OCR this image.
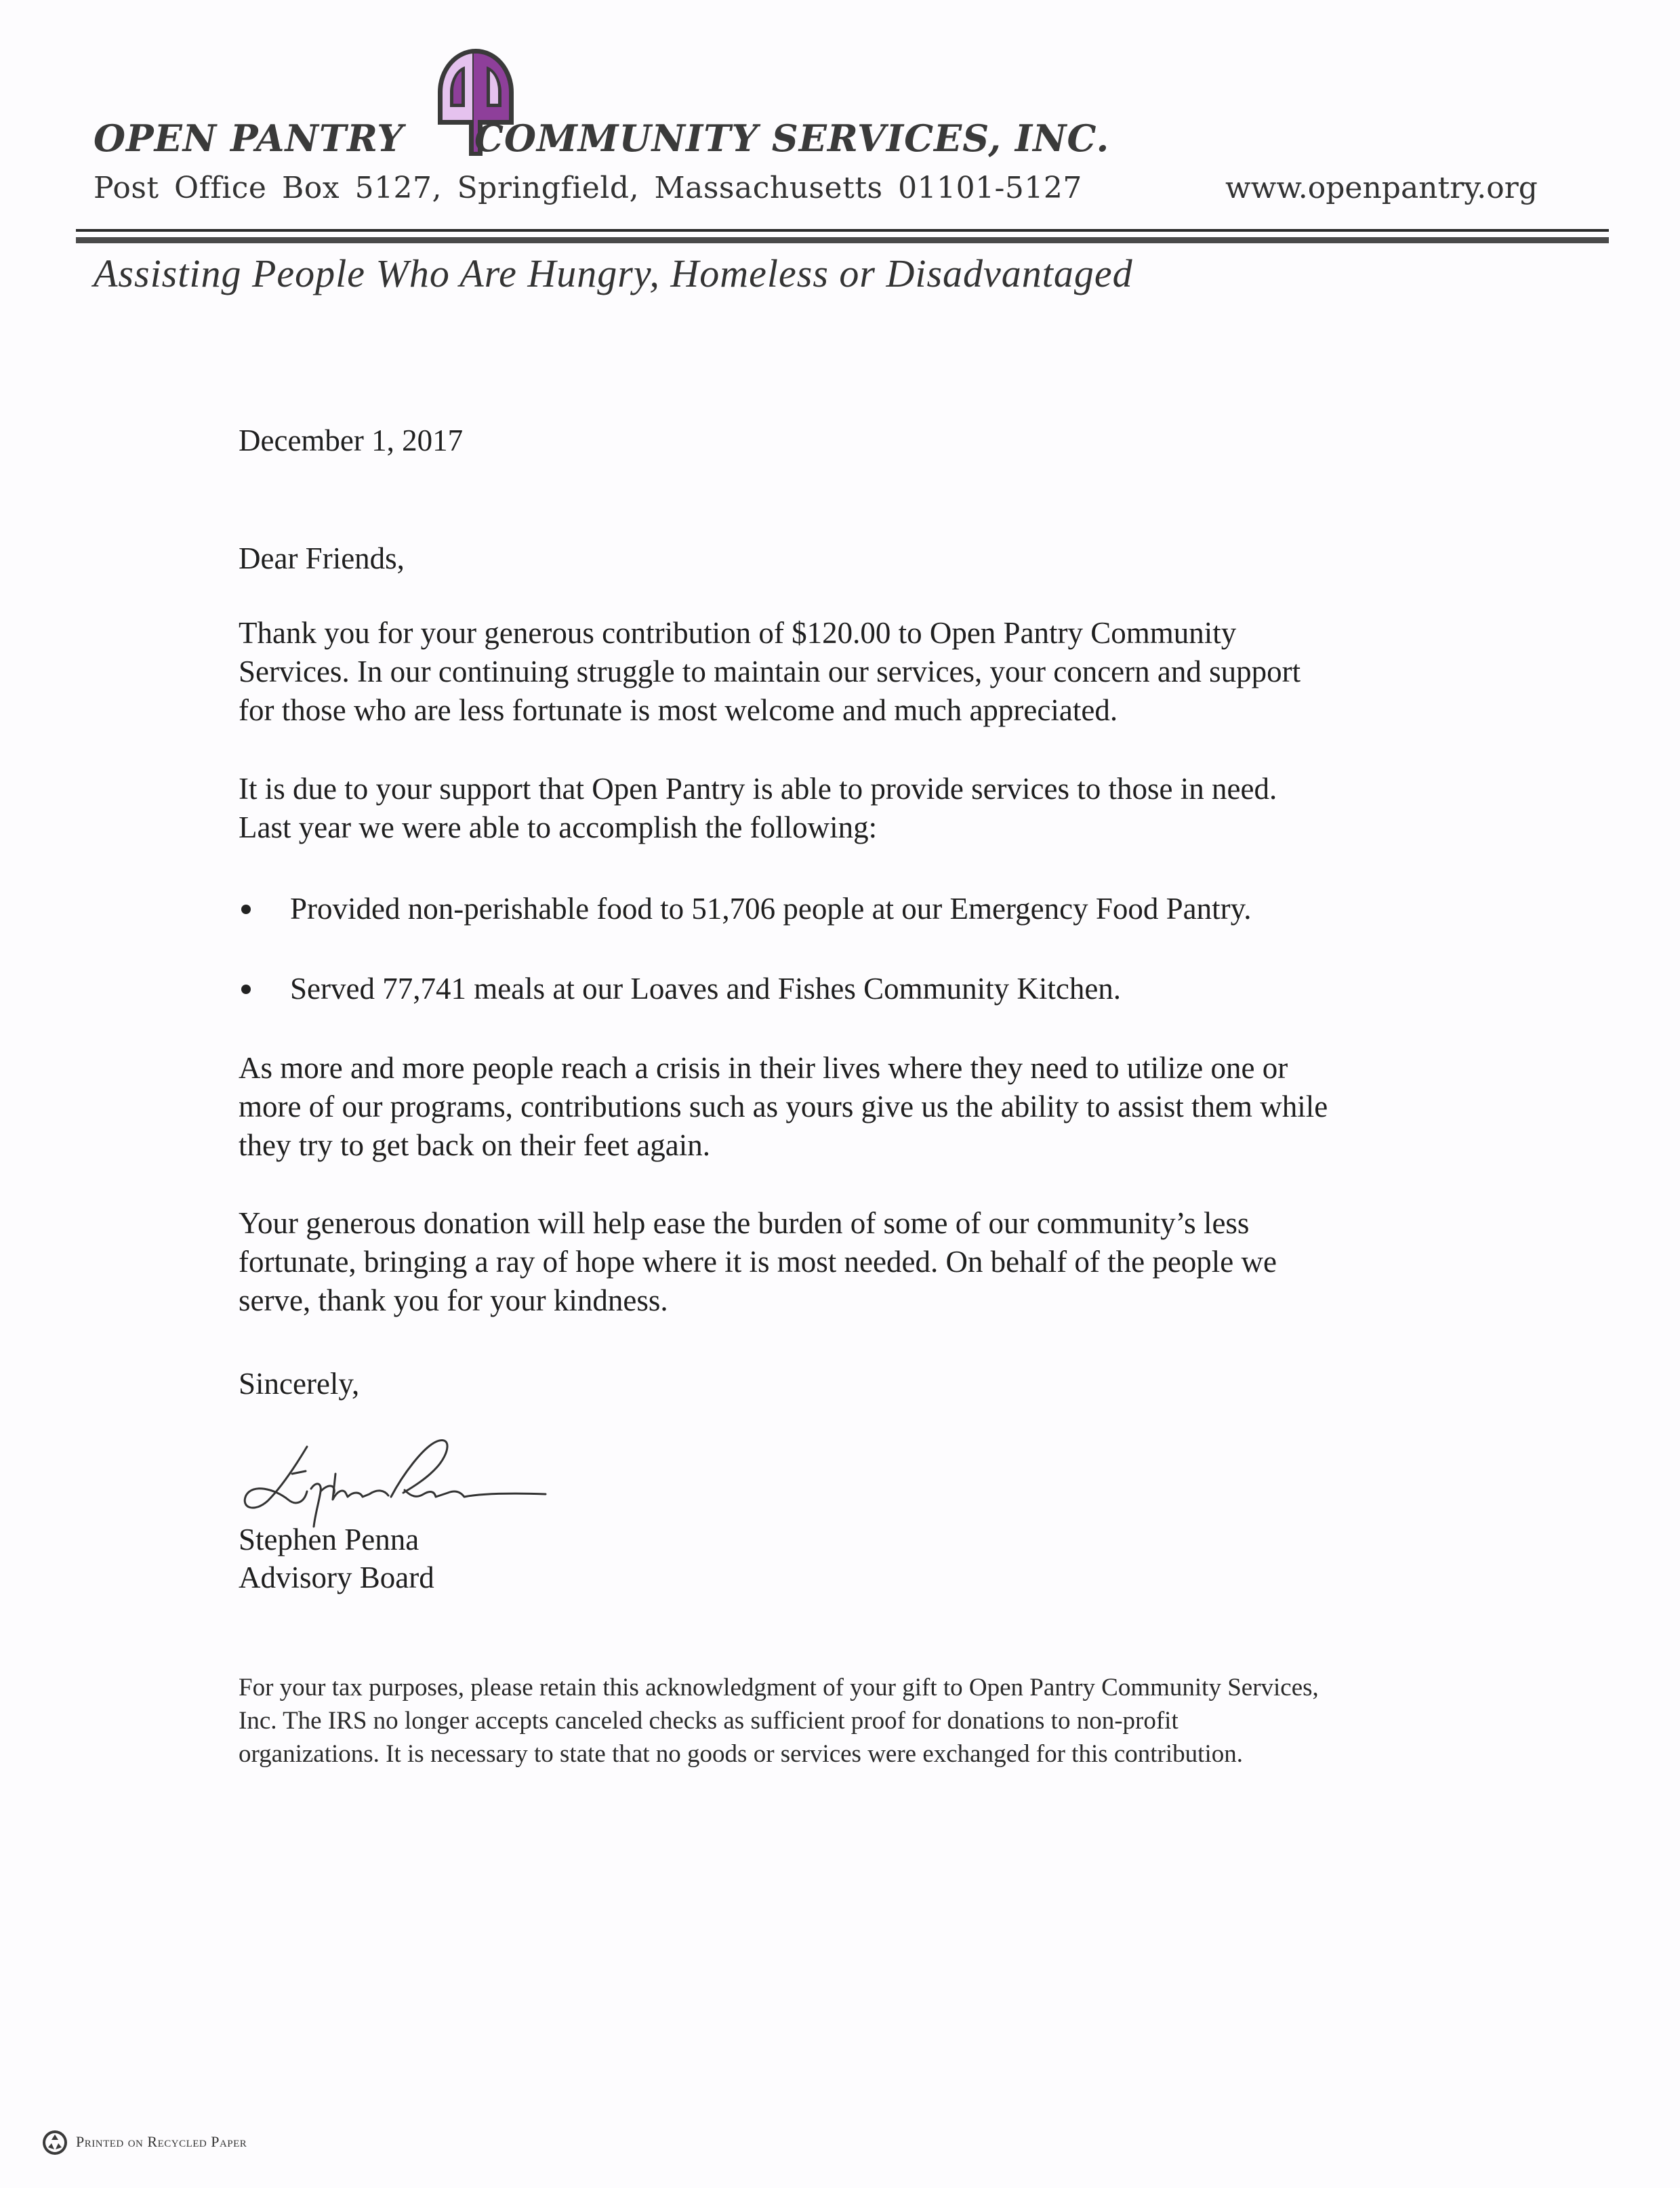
OPEN PANTRY COMMUNITY SERVICES, INC.
Post Office Box 5127, Springfield, Massachusetts 01101-5127	www.openpantry.org
Assisting People Who Are Hungry, Homeless or Disadvantaged
December 1, 2017
Dear Friends,

Thank you for your generous contribution of $120.00 to Open Pantry Community

Services. In our continuing struggle to maintain our services, your concern and support

for those who are less fortunate is most welcome and much appreciated.

It is due to your support that Open Pantry is able to provide services to those in need.

Last year we were able to accomplish the following:

Provided non-perishable food to 51,706 people at our Emergency Food Pantry.
Served 77,741 meals at our Loaves and Fishes Community Kitchen.

As more and more people reach a crisis in their lives where they need to utilize one or

more of our programs, contributions such as yours give us the ability to assist them while

they try to get back on their feet again.

Your generous donation will help ease the burden of some of our community’s less

fortunate, bringing a ray of hope where it is most needed. On behalf of the people we

serve, thank you for your kindness.

Sincerely,
Stephen Penna
Advisory Board

For your tax purposes, please retain this acknowledgment of your gift to Open Pantry Community Services,

Inc. The IRS no longer accepts canceled checks as sufficient proof for donations to non-profit

organizations. It is necessary to state that no goods or services were exchanged for this contribution.

Printed on Recycled Paper
